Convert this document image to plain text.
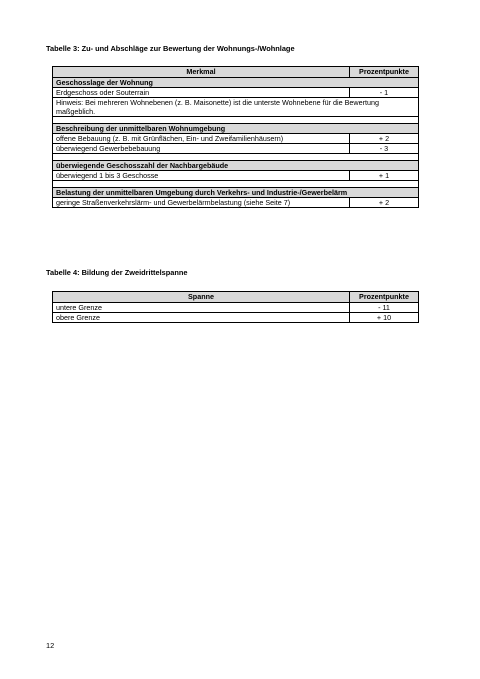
Tabelle 3: Zu- und Abschläge zur Bewertung der Wohnungs-/Wohnlage
Merkmal	Prozentpunkte
Geschosslage der Wohnung	
Erdgeschoss oder Souterrain	- 1
Hinweis: Bei mehreren Wohnebenen (z. B. Maisonette) ist die unterste Wohnebene für die Bewertung maßgeblich.	

Beschreibung der unmittelbaren Wohnumgebung	
offene Bebauung (z. B. mit Grünflächen, Ein- und Zweifamilienhäusern)	+ 2
überwiegend Gewerbebebauung	- 3

überwiegende Geschosszahl der Nachbargebäude	
überwiegend 1 bis 3 Geschosse	+ 1

Belastung der unmittelbaren Umgebung durch Verkehrs- und Industrie-/Gewerbelärm	
geringe Straßenverkehrslärm- und Gewerbelärmbelastung (siehe Seite 7)	+ 2
Tabelle 4: Bildung der Zweidrittelspanne
Spanne	Prozentpunkte
untere Grenze	- 11
obere Grenze	+ 10
12
